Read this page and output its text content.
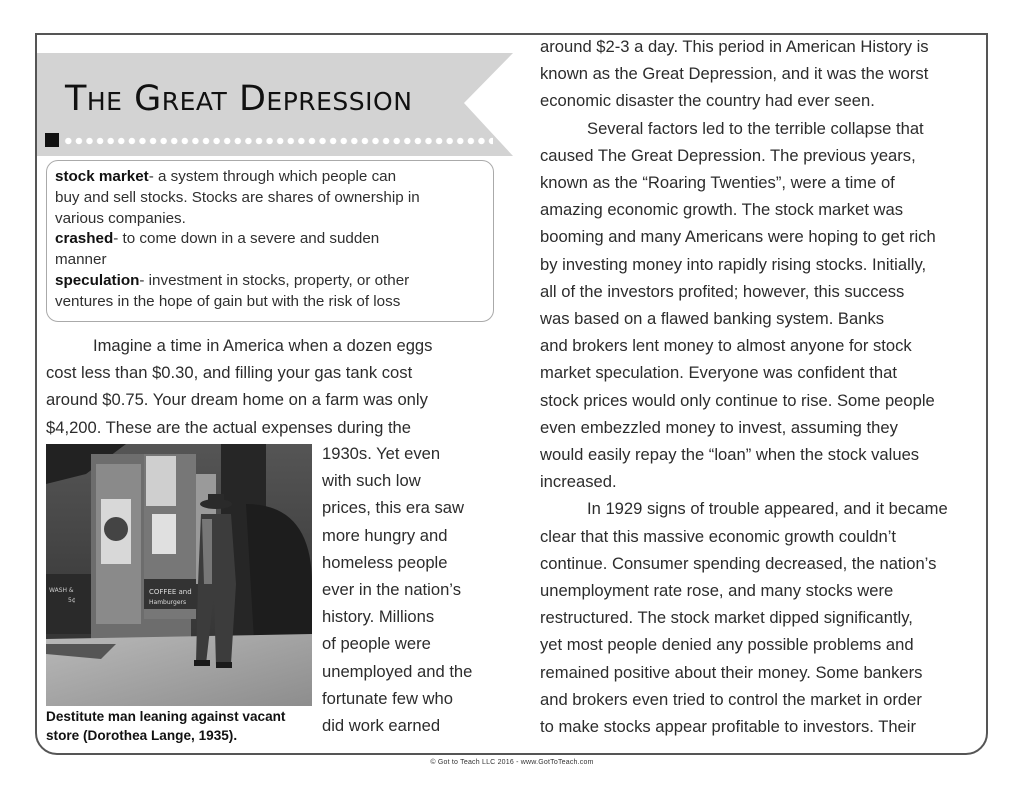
The Great Depression
stock market- a system through which people can
buy and sell stocks. Stocks are shares of ownership in
various companies.
crashed- to come down in a severe and sudden
manner
speculation- investment in stocks, property, or other
ventures in the hope of gain but with the risk of loss
Imagine a time in America when a dozen eggs
cost less than $0.30, and filling your gas tank cost
around $0.75. Your dream home on a farm was only
$4,200. These are the actual expenses during the
COFFEE and
Hamburgers
WASH &
5¢
Destitute man leaning against vacant
store (Dorothea Lange, 1935).
1930s. Yet even
with such low
prices, this era saw
more hungry and
homeless people
ever in the nation’s
history. Millions
of people were
unemployed and the
fortunate few who
did work earned
around $2-3 a day. This period in American History is
known as the Great Depression, and it was the worst
economic disaster the country had ever seen.
Several factors led to the terrible collapse that
caused The Great Depression. The previous years,
known as the “Roaring Twenties”, were a time of
amazing economic growth. The stock market was
booming and many Americans were hoping to get rich
by investing money into rapidly rising stocks. Initially,
all of the investors profited; however, this success
was based on a flawed banking system. Banks
and brokers lent money to almost anyone for stock
market speculation. Everyone was confident that
stock prices would only continue to rise. Some people
even embezzled money to invest, assuming they
would easily repay the “loan” when the stock values
increased.
In 1929 signs of trouble appeared, and it became
clear that this massive economic growth couldn’t
continue. Consumer spending decreased, the nation’s
unemployment rate rose, and many stocks were
restructured. The stock market dipped significantly,
yet most people denied any possible problems and
remained positive about their money. Some bankers
and brokers even tried to control the market in order
to make stocks appear profitable to investors. Their
© Got to Teach LLC 2016 - www.GotToTeach.com
